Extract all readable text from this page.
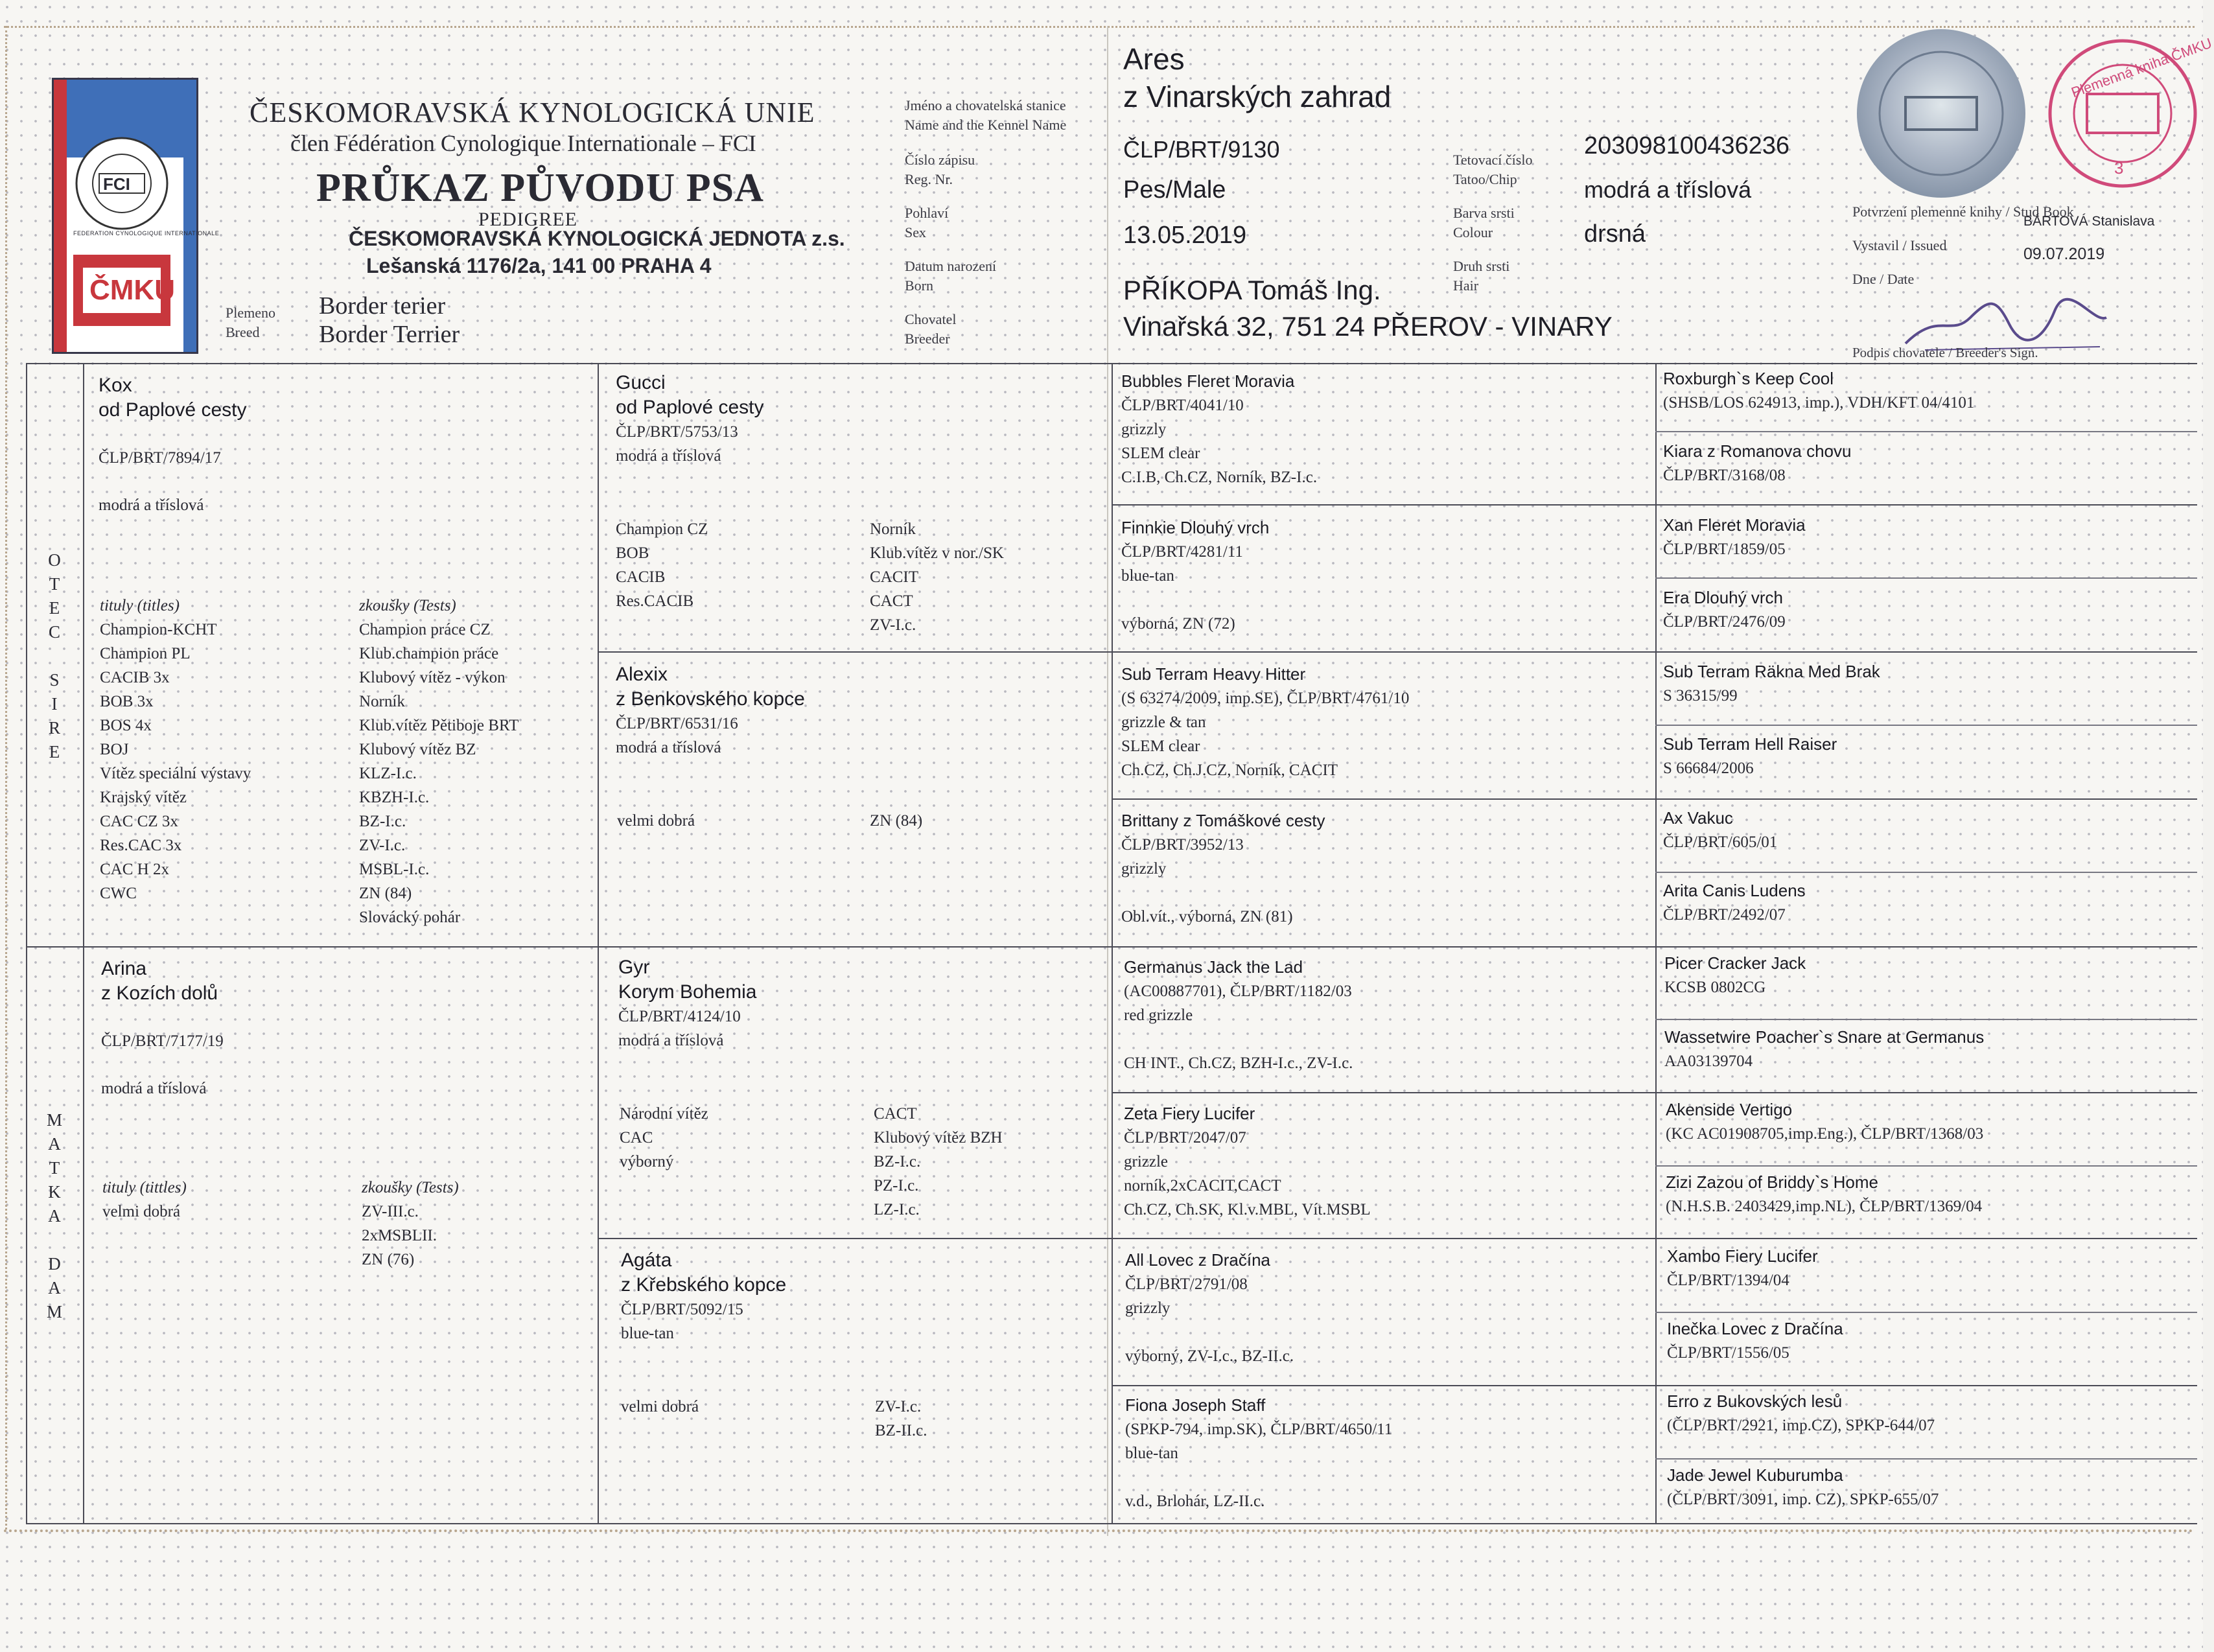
FCI
ČMKU
FEDERATION CYNOLOGIQUE INTERNATIONALE
ČESKOMORAVSKÁ KYNOLOGICKÁ UNIE
člen Fédération Cynologique Internationale – FCI
PRŮKAZ PŮVODU PSA
PEDIGREE
ČESKOMORAVSKÁ KYNOLOGICKÁ JEDNOTA z.s.
Lešanská 1176/2a, 141 00 PRAHA 4
Plemeno
Breed
Border terier
Border Terrier
Jméno a chovatelská stanice
Name and the Kennel Name
Číslo zápisu
Reg. Nr.
Pohlaví
Sex
Datum narození
Born
Chovatel
Breeder
Ares
z Vinarských zahrad
ČLP/BRT/9130
Pes/Male
13.05.2019
PŘÍKOPA Tomáš Ing.
Vinařská 32, 751 24 PŘEROV - VINARY
Tetovací číslo
Tatoo/Chip
Barva srsti
Colour
Druh srsti
Hair
203098100436236
modrá a tříslová
drsná
Plemenná kniha ČMKU
3
Potvrzení plemenné knihy / Stud Book
Vystavil / Issued
BÁRTOVÁ Stanislava
09.07.2019
Dne / Date
Podpis chovatele / Breeder's Sign.
O
T
E
C
S
I
R
E
M
A
T
K
A
D
A
M
Kox
od Paplové cesty
ČLP/BRT/7894/17
modrá a tříslová
tituly (titles)
Champion-KCHT
Champion PL
CACIB 3x
BOB 3x
BOS 4x
BOJ
Vítěz speciální výstavy
Krajský vítěz
CAC CZ 3x
Res.CAC 3x
CAC H 2x
CWC
zkoušky (Tests)
Champion práce CZ
Klub.champion práce
Klubový vítěz - výkon
Norník
Klub.vítěz Pětiboje BRT
Klubový vítěz BZ
KLZ-I.c.
KBZH-I.c.
BZ-I.c.
ZV-I.c.
MSBL-I.c.
ZN (84)
Slovácký pohár
Arina
z Kozích dolů
ČLP/BRT/7177/19
modrá a tříslová
tituly (tittles)
velmi dobrá
zkoušky (Tests)
ZV-III.c.
2xMSBLII.
ZN (76)
Gucci
od Paplové cesty
ČLP/BRT/5753/13
modrá a tříslová
Champion CZ
BOB
CACIB
Res.CACIB
Norník
Klub.vítěz v nor./SK
CACIT
CACT
ZV-I.c.
Alexix
z Benkovského kopce
ČLP/BRT/6531/16
modrá a tříslová
velmi dobrá	ZN (84)
Gyr
Korym Bohemia
ČLP/BRT/4124/10
modrá a tříslová
Národní vítěz
CAC
výborný
CACT
Klubový vítěz BZH
BZ-I.c.
PZ-I.c.
LZ-I.c.
Agáta
z Křebského kopce
ČLP/BRT/5092/15
blue-tan
velmi dobrá	ZV-I.c.
BZ-II.c.
Bubbles Fleret Moravia
ČLP/BRT/4041/10
grizzly
SLEM clear
C.I.B, Ch.CZ, Norník, BZ-I.c.
Finnkie Dlouhý vrch
ČLP/BRT/4281/11
blue-tan
výborná, ZN (72)
Sub Terram Heavy Hitter
(S 63274/2009, imp.SE), ČLP/BRT/4761/10
grizzle & tan
SLEM clear
Ch.CZ, Ch.J.CZ, Norník, CACIT
Brittany z Tomáškové cesty
ČLP/BRT/3952/13
grizzly
Obl.vít., výborná, ZN (81)
Germanus Jack the Lad
(AC00887701), ČLP/BRT/1182/03
red grizzle
CH INT., Ch.CZ, BZH-I.c., ZV-I.c.
Zeta Fiery Lucifer
ČLP/BRT/2047/07
grizzle
norník,2xCACIT,CACT
Ch.CZ, Ch.SK, Kl.v.MBL, Vít.MSBL
All Lovec z Dračína
ČLP/BRT/2791/08
grizzly
výborný, ZV-I.c., BZ-II.c.
Fiona Joseph Staff
(SPKP-794, imp.SK), ČLP/BRT/4650/11
blue-tan
v.d., Brlohár, LZ-II.c.
Roxburgh`s Keep Cool
(SHSB/LOS 624913, imp.), VDH/KFT 04/4101
Kiara z Romanova chovu
ČLP/BRT/3168/08
Xan Fleret Moravia
ČLP/BRT/1859/05
Era Dlouhý vrch
ČLP/BRT/2476/09
Sub Terram Räkna Med Brak
S 36315/99
Sub Terram Hell Raiser
S 66684/2006
Ax Vakuc
ČLP/BRT/605/01
Arita Canis Ludens
ČLP/BRT/2492/07
Picer Cracker Jack
KCSB 0802CG
Wassetwire Poacher`s Snare at Germanus
AA03139704
Akenside Vertigo
(KC AC01908705,imp.Eng.), ČLP/BRT/1368/03
Zizi Zazou of Briddy`s Home
(N.H.S.B. 2403429,imp.NL), ČLP/BRT/1369/04
Xambo Fiery Lucifer
ČLP/BRT/1394/04
Inečka Lovec z Dračína
ČLP/BRT/1556/05
Erro z Bukovských lesů
(ČLP/BRT/2921, imp.CZ), SPKP-644/07
Jade Jewel Kuburumba
(ČLP/BRT/3091, imp. CZ), SPKP-655/07
